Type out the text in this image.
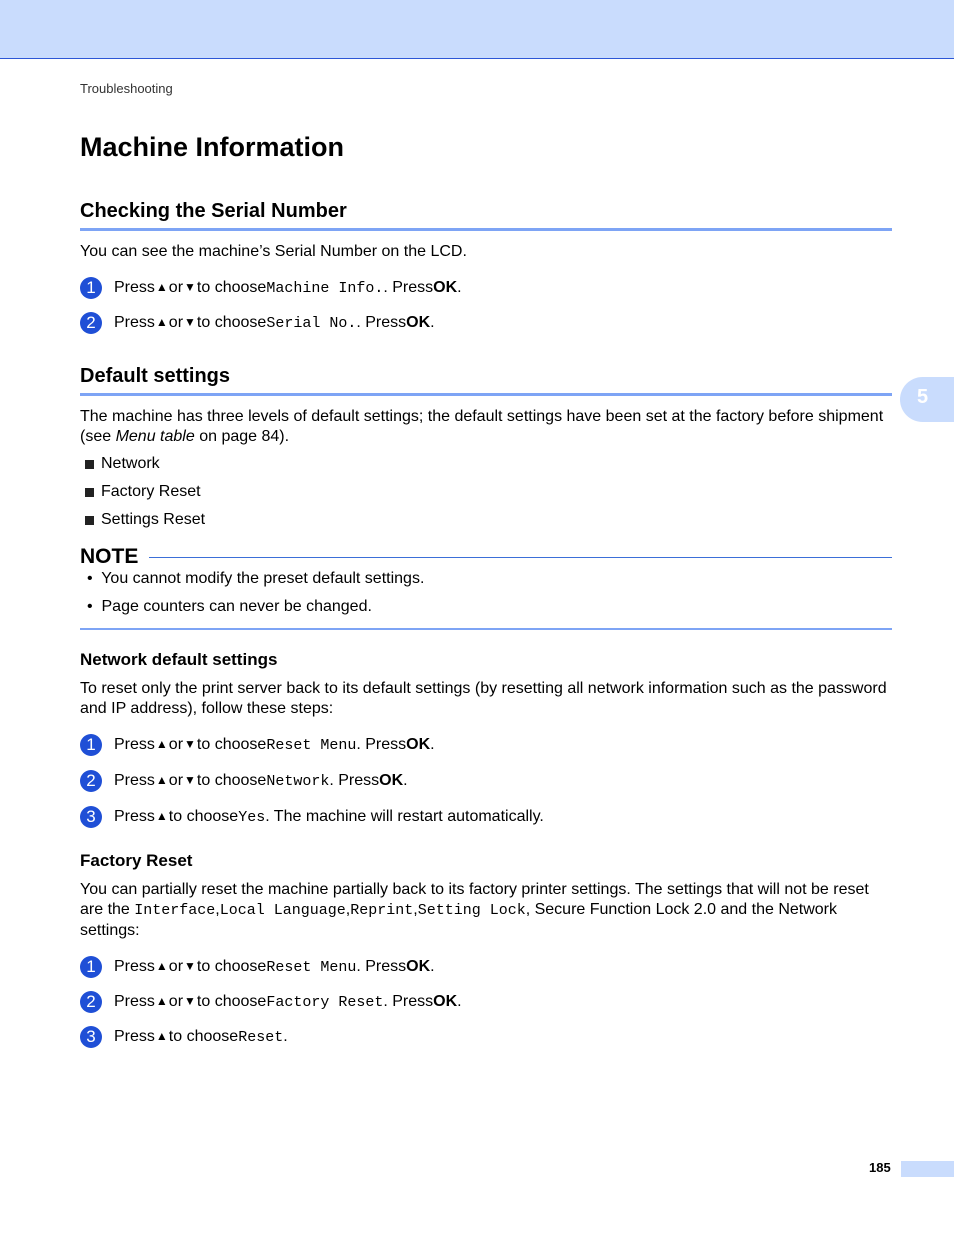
Troubleshooting
Machine Information
Checking the Serial Number

You can see the machine’s Serial Number on the LCD.

1	Press ▲ or ▼ to choose Machine Info. . Press OK .
2	Press ▲ or ▼ to choose Serial No. . Press OK .
Default settings

The machine has three levels of default settings; the default settings have been set at the factory before shipment (see Menu table on page 84).

Network
Factory Reset
Settings Reset
NOTE
• You cannot modify the preset default settings.
• Page counters can never be changed.
Network default settings

To reset only the print server back to its default settings (by resetting all network information such as the password and IP address), follow these steps:

1	Press ▲ or ▼ to choose Reset Menu . Press OK .
2	Press ▲ or ▼ to choose Network . Press OK .
3	Press ▲ to choose Yes . The machine will restart automatically.
Factory Reset

You can partially reset the machine partially back to its factory printer settings. The settings that will not be reset are the Interface,Local Language,Reprint,Setting Lock, Secure Function Lock 2.0 and the Network settings:

1	Press ▲ or ▼ to choose Reset Menu . Press OK .
2	Press ▲ or ▼ to choose Factory Reset . Press OK .
3	Press ▲ to choose Reset .
5
185
